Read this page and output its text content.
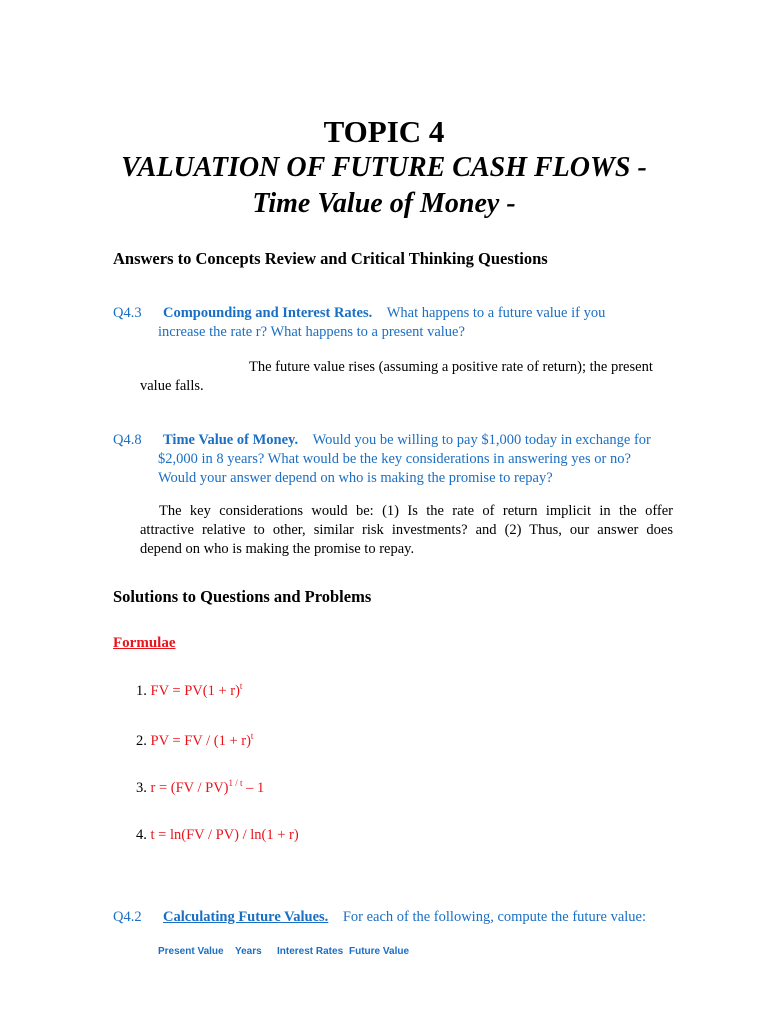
TOPIC 4
VALUATION OF FUTURE CASH FLOWS -
Time Value of Money -
Answers to Concepts Review and Critical Thinking Questions
Q4.3 Compounding and Interest Rates. What happens to a future value if you
increase the rate r? What happens to a present value?
The future value rises (assuming a positive rate of return); the present
value falls.
Q4.8 Time Value of Money. Would you be willing to pay $1,000 today in exchange for
$2,000 in 8 years? What would be the key considerations in answering yes or no?
Would your answer depend on who is making the promise to repay?
The key considerations would be: (1) Is the rate of return implicit in the offer
attractive relative to other, similar risk investments? and (2) Thus, our answer does
depend on who is making the promise to repay.
Solutions to Questions and Problems
Formulae
1. FV = $PV(1 + r)^t$
2. PV = FV / $(1 + r)^t$
3. r = (FV / PV)$^{1 / t}$ – 1
4. t = ln(FV / PV) / ln(1 + r)
Q4.2 Calculating Future Values. For each of the following, compute the future value:
Present Value Years Interest Rates Future Value
